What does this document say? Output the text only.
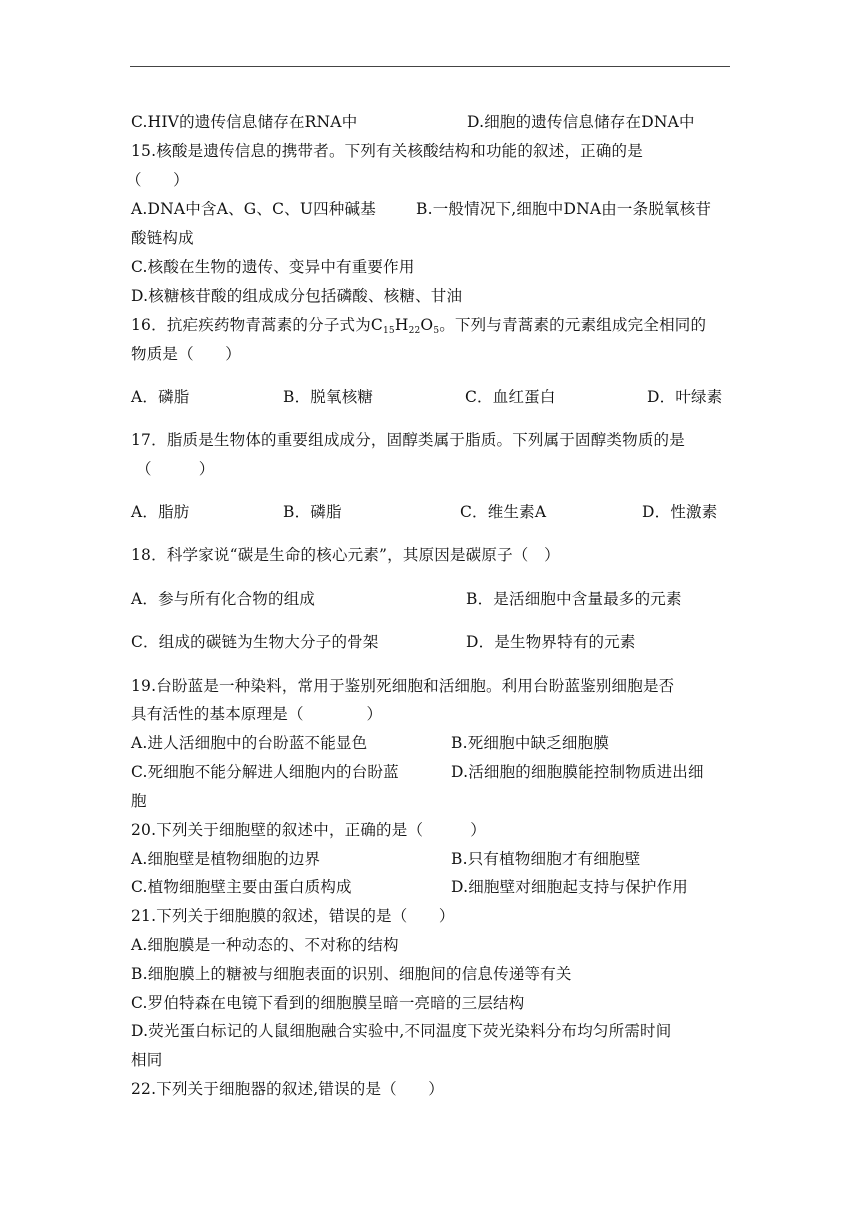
C.HIV的遗传信息储存在RNA中	D.细胞的遗传信息储存在DNA中
15.核酸是遗传信息的携带者。下列有关核酸结构和功能的叙述，正确的是
（　　）
A.DNA中含A、G、C、U四种碱基	B.一般情况下,细胞中DNA由一条脱氧核苷
酸链构成
C.核酸在生物的遗传、变异中有重要作用
D.核糖核苷酸的组成成分包括磷酸、核糖、甘油
16．抗疟疾药物青蒿素的分子式为$C_{15}H_{22}O_5$。下列与青蒿素的元素组成完全相同的
物质是（　　）
A．磷脂	B．脱氧核糖	C．血红蛋白	D．叶绿素
17．脂质是生物体的重要组成成分，固醇类属于脂质。下列属于固醇类物质的是
（　　　）
A．脂肪	B．磷脂	C．维生素A	D．性激素
18．科学家说“碳是生命的核心元素”，其原因是碳原子（　）
A．参与所有化合物的组成	B．是活细胞中含量最多的元素
C．组成的碳链为生物大分子的骨架	D．是生物界特有的元素
19.台盼蓝是一种染料，常用于鉴别死细胞和活细胞。利用台盼蓝鉴别细胞是否
具有活性的基本原理是（　　　　）
A.进人活细胞中的台盼蓝不能显色	B.死细胞中缺乏细胞膜
C.死细胞不能分解进人细胞内的台盼蓝	D.活细胞的细胞膜能控制物质进出细
胞
20.下列关于细胞壁的叙述中，正确的是（　　　）
A.细胞壁是植物细胞的边界	B.只有植物细胞才有细胞壁
C.植物细胞壁主要由蛋白质构成	D.细胞壁对细胞起支持与保护作用
21.下列关于细胞膜的叙述，错误的是（　　）
A.细胞膜是一种动态的、不对称的结构
B.细胞膜上的糖被与细胞表面的识别、细胞间的信息传递等有关
C.罗伯特森在电镜下看到的细胞膜呈暗一亮暗的三层结构
D.荧光蛋白标记的人鼠细胞融合实验中,不同温度下荧光染料分布均匀所需时间
相同
22.下列关于细胞器的叙述,错误的是（　　）
